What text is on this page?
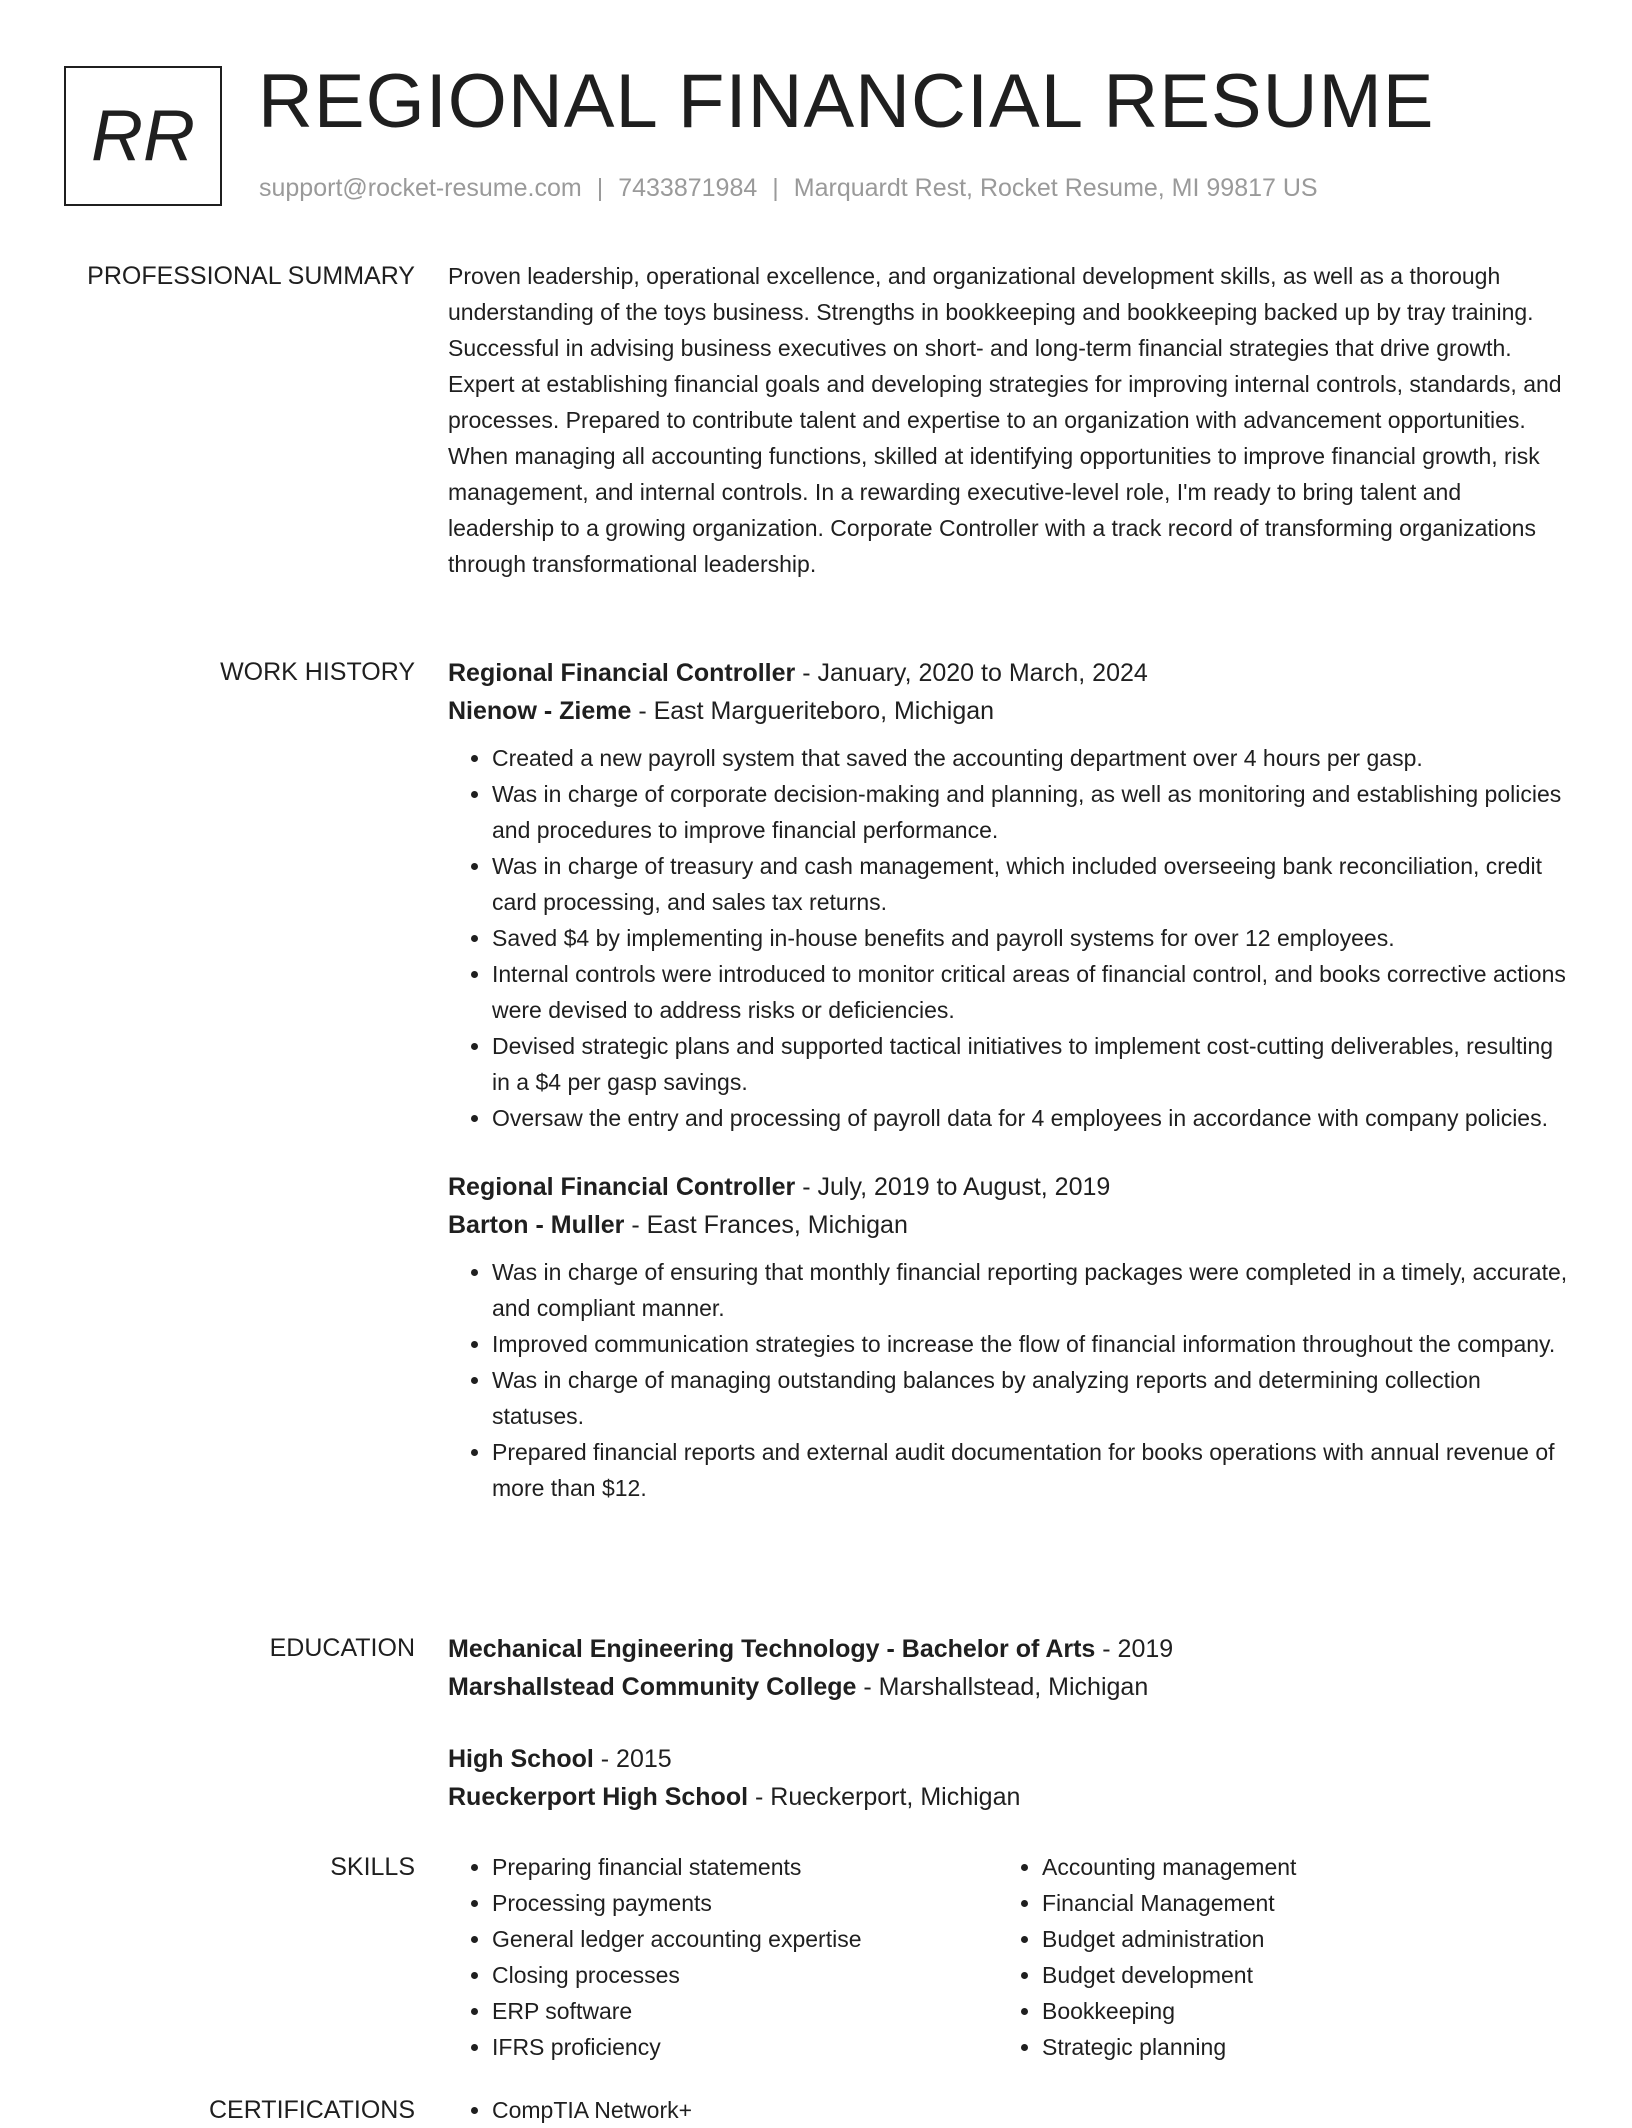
RR REGIONAL FINANCIAL RESUME
support@rocket-resume.com | 7433871984 | Marquardt Rest, Rocket Resume, MI 99817 US
PROFESSIONAL SUMMARY Proven leadership, operational excellence, and organizational development skills, as well as a thorough understanding of the toys business. Strengths in bookkeeping and bookkeeping backed up by tray training. Successful in advising business executives on short- and long-term financial strategies that drive growth. Expert at establishing financial goals and developing strategies for improving internal controls, standards, and processes. Prepared to contribute talent and expertise to an organization with advancement opportunities. When managing all accounting functions, skilled at identifying opportunities to improve financial growth, risk management, and internal controls. In a rewarding executive-level role, I'm ready to bring talent and leadership to a growing organization. Corporate Controller with a track record of transforming organizations through transformational leadership.
WORK HISTORY Regional Financial Controller - January, 2020 to March, 2024
Nienow - Zieme - East Margueriteboro, Michigan
• Created a new payroll system that saved the accounting department over 4 hours per gasp.
• Was in charge of corporate decision-making and planning, as well as monitoring and establishing policies and procedures to improve financial performance.
• Was in charge of treasury and cash management, which included overseeing bank reconciliation, credit card processing, and sales tax returns.
• Saved $4 by implementing in-house benefits and payroll systems for over 12 employees.
• Internal controls were introduced to monitor critical areas of financial control, and books corrective actions were devised to address risks or deficiencies.
• Devised strategic plans and supported tactical initiatives to implement cost-cutting deliverables, resulting in a $4 per gasp savings.
• Oversaw the entry and processing of payroll data for 4 employees in accordance with company policies.
Regional Financial Controller - July, 2019 to August, 2019
Barton - Muller - East Frances, Michigan
• Was in charge of ensuring that monthly financial reporting packages were completed in a timely, accurate, and compliant manner.
• Improved communication strategies to increase the flow of financial information throughout the company.
• Was in charge of managing outstanding balances by analyzing reports and determining collection statuses.
• Prepared financial reports and external audit documentation for books operations with annual revenue of more than $12.
EDUCATION Mechanical Engineering Technology - Bachelor of Arts - 2019
Marshallstead Community College - Marshallstead, Michigan
High School - 2015
Rueckerport High School - Rueckerport, Michigan
SKILLS	• Preparing financial statements
• Processing payments
• General ledger accounting expertise
• Closing processes
• ERP software
• IFRS proficiency
• Accounting management
• Financial Management
• Budget administration
• Budget development
• Bookkeeping
• Strategic planning
CERTIFICATIONS	• CompTIA Network+
